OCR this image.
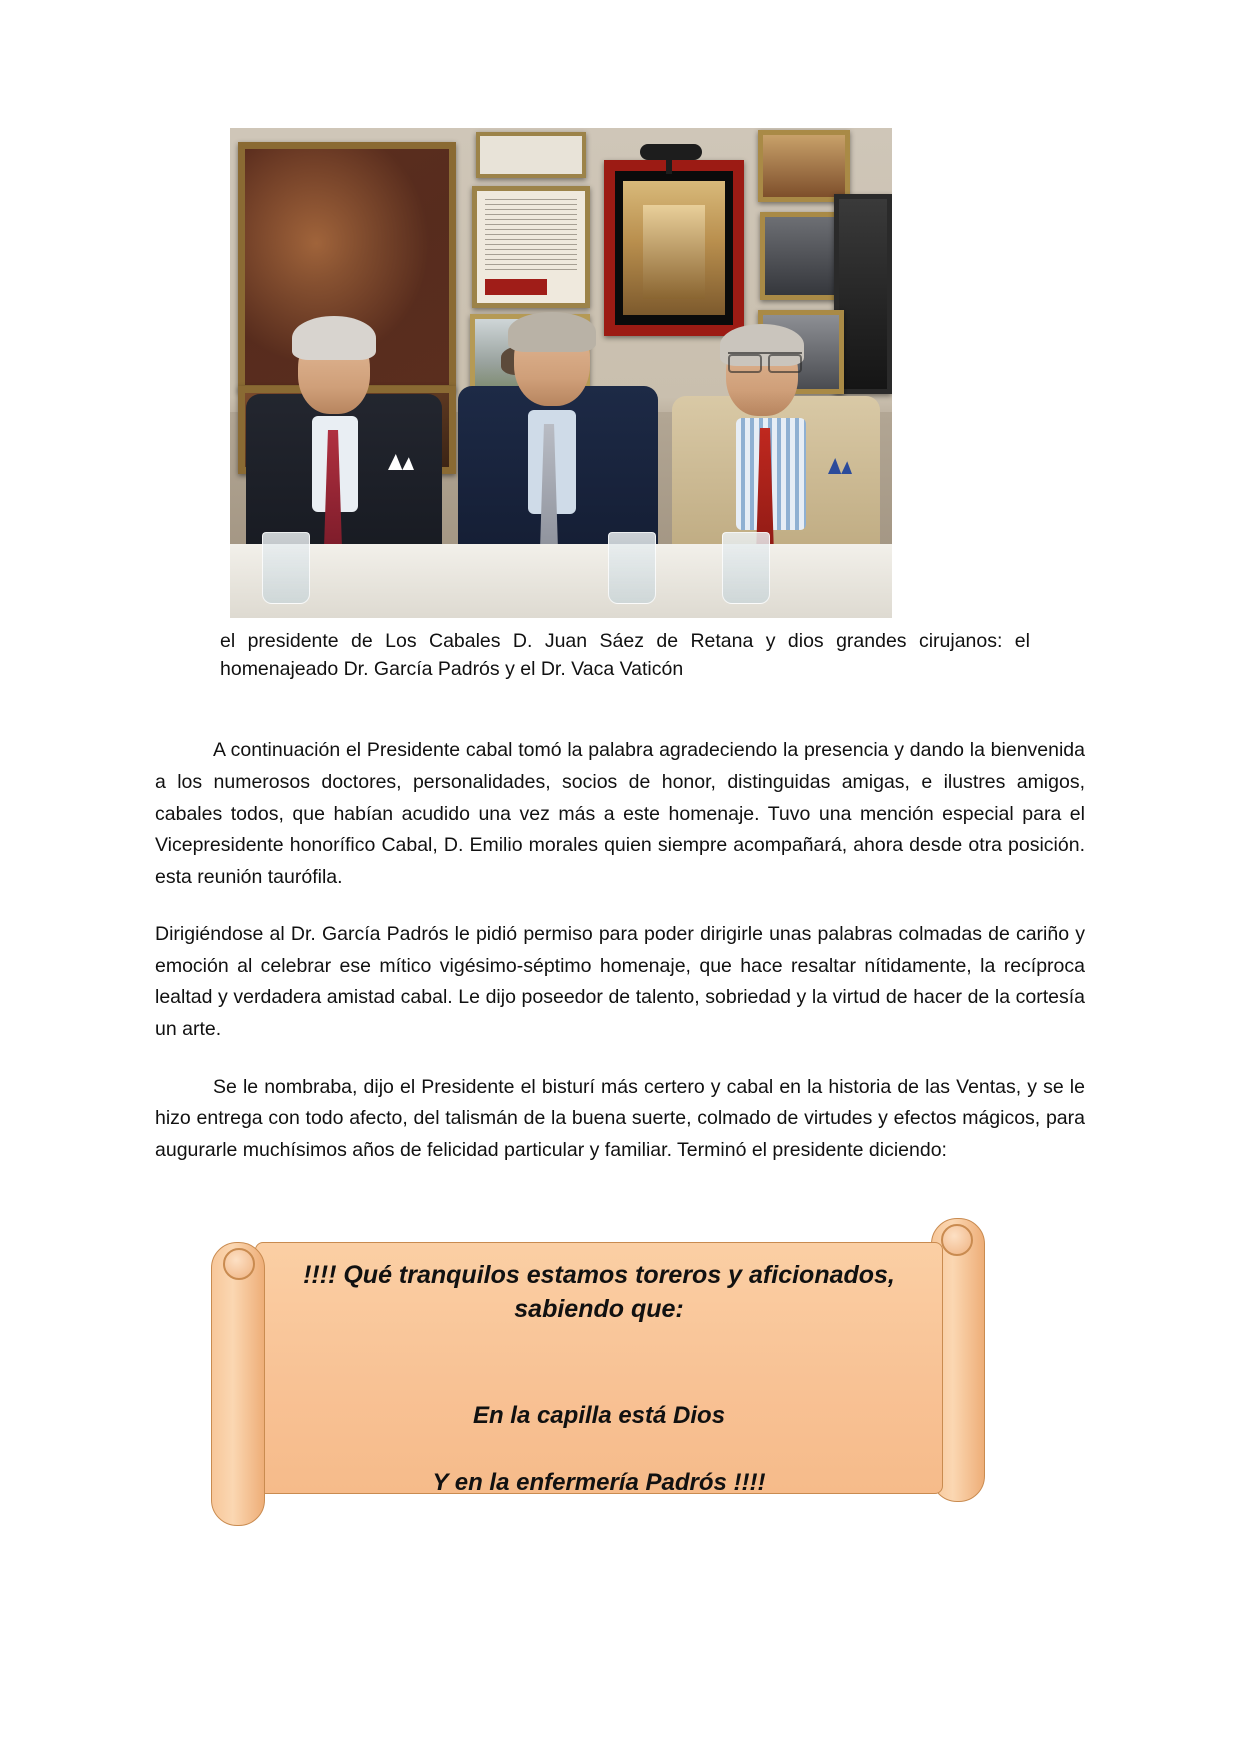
el presidente de Los Cabales D. Juan Sáez de Retana y dios grandes cirujanos: el homenajeado Dr. García Padrós y el Dr. Vaca Vaticón

A continuación el Presidente cabal tomó la palabra agradeciendo la presencia y dando la bienvenida a los numerosos doctores, personalidades, socios de honor, distinguidas amigas, e ilustres amigos, cabales todos, que habían acudido una vez más a este homenaje. Tuvo una mención especial para el Vicepresidente honorífico Cabal, D. Emilio morales quien siempre acompañará, ahora desde otra posición. esta reunión taurófila.

Dirigiéndose al Dr. García Padrós le pidió permiso para poder dirigirle unas palabras colmadas de cariño y emoción al celebrar ese mítico vigésimo-séptimo homenaje, que hace resaltar nítidamente, la recíproca lealtad y verdadera amistad cabal. Le dijo poseedor de talento, sobriedad y la virtud de hacer de la cortesía un arte.

Se le nombraba, dijo el Presidente el bisturí más certero y cabal en la historia de las Ventas, y se le hizo entrega con todo afecto, del talismán de la buena suerte, colmado de virtudes y efectos mágicos, para augurarle muchísimos años de felicidad particular y familiar. Terminó el presidente diciendo:

!!!! Qué tranquilos estamos toreros y aficionados,
sabiendo que:
En la capilla está Dios
Y en la enfermería Padrós !!!!
